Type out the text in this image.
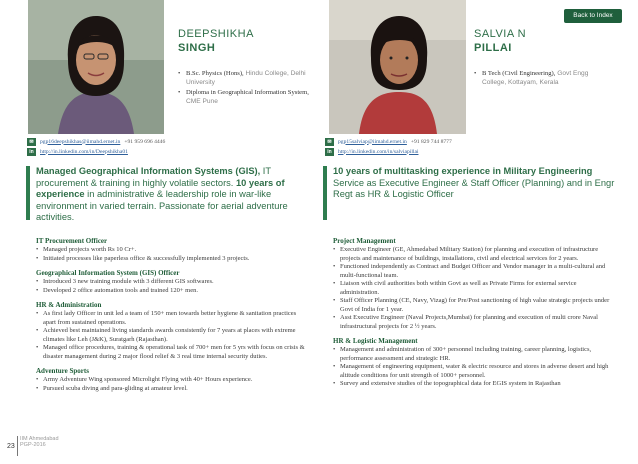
Back to Index
DEEPSHIKHA
SINGH
SALVIA N
PILLAI
• B.Sc. Physics (Hons), Hindu College, Delhi University
• Diploma in Geographical Information System, CME Pune
• B Tech (Civil Engineering), Govt Engg College, Kottayam, Kerala
✉	pgp16deepshikhas@iimahd.ernet.in +91 959 696 4446
in	http://in.linkedin.com/in/Deepshikha01
✉	pgp15salviap@iimahd.ernet.in +91 829 744 8777
in	http://in.linkedin.com/in/salviapillai
Managed Geographical Information Systems (GIS), IT procurement & training in highly volatile sectors. 10 years of experience in administrative & leadership role in war-like environment in varied terrain. Passionate for aerial adventure activities.
10 years of multitasking experience in Military Engineering Service as Executive Engineer & Staff Officer (Planning) and in Engr Regt as HR & Logistic Officer
IT Procurement Officer
• Managed projects worth Rs 10 Cr+.
• Initiated processes like paperless office & successfully implemented 3 projects.
Geographical Information System (GIS) Officer
• Introduced 3 new training module with 3 different GIS softwares.
• Developed 2 office automation tools and trained 120+ men.
HR & Administration
• As first lady Officer in unit led a team of 150+ men towards better hygiene & sanitation practices apart from sustained operations.
• Achieved best maintained living standards awards consistently for 7 years at places with extreme climates like Leh (J&K), Suratgarh (Rajasthan).
• Managed office procedures, training & operational task of 700+ men for 5 yrs with focus on crisis & disaster management during 2 major flood relief & 3 real time internal security duties.
Adventure Sports
• Army Adventure Wing sponsored Microlight Flying with 40+ Hours experience.
• Pursued scuba diving and para-gliding at amateur level.
Project Management
• Executive Engineer (GE, Ahmedabad Military Station) for planning and execution of infrastructure projects and maintenance of buildings, installations, civil and electrical services for 2 years.
• Functioned independently as Contract and Budget Officer and Vendor manager in a multi-cultural and multi-functional team.
• Liaison with civil authorities both within Govt as well as Private Firms for external service administration.
• Staff Officer Planning (CE, Navy, Vizag) for Pre/Post sanctioning of high value strategic projects under Govt of India for 1 year.
• Asst Executive Engineer (Naval Projects,Mumbai) for planning and execution of multi crore Naval infrastructural projects for 2 ½ years.
HR & Logistic Management
• Management and administration of 300+ personnel including training, career planning, logistics, performance assessment and strategic HR.
• Management of engineering equipment, water & electric resource and stores in adverse desert and high altitude conditions for unit strength of 1000+ personnel.
• Survey and extensive studies of the topographical data for EGIS system in Rajasthan
IIM Ahmedabad
PGP-2016
23
